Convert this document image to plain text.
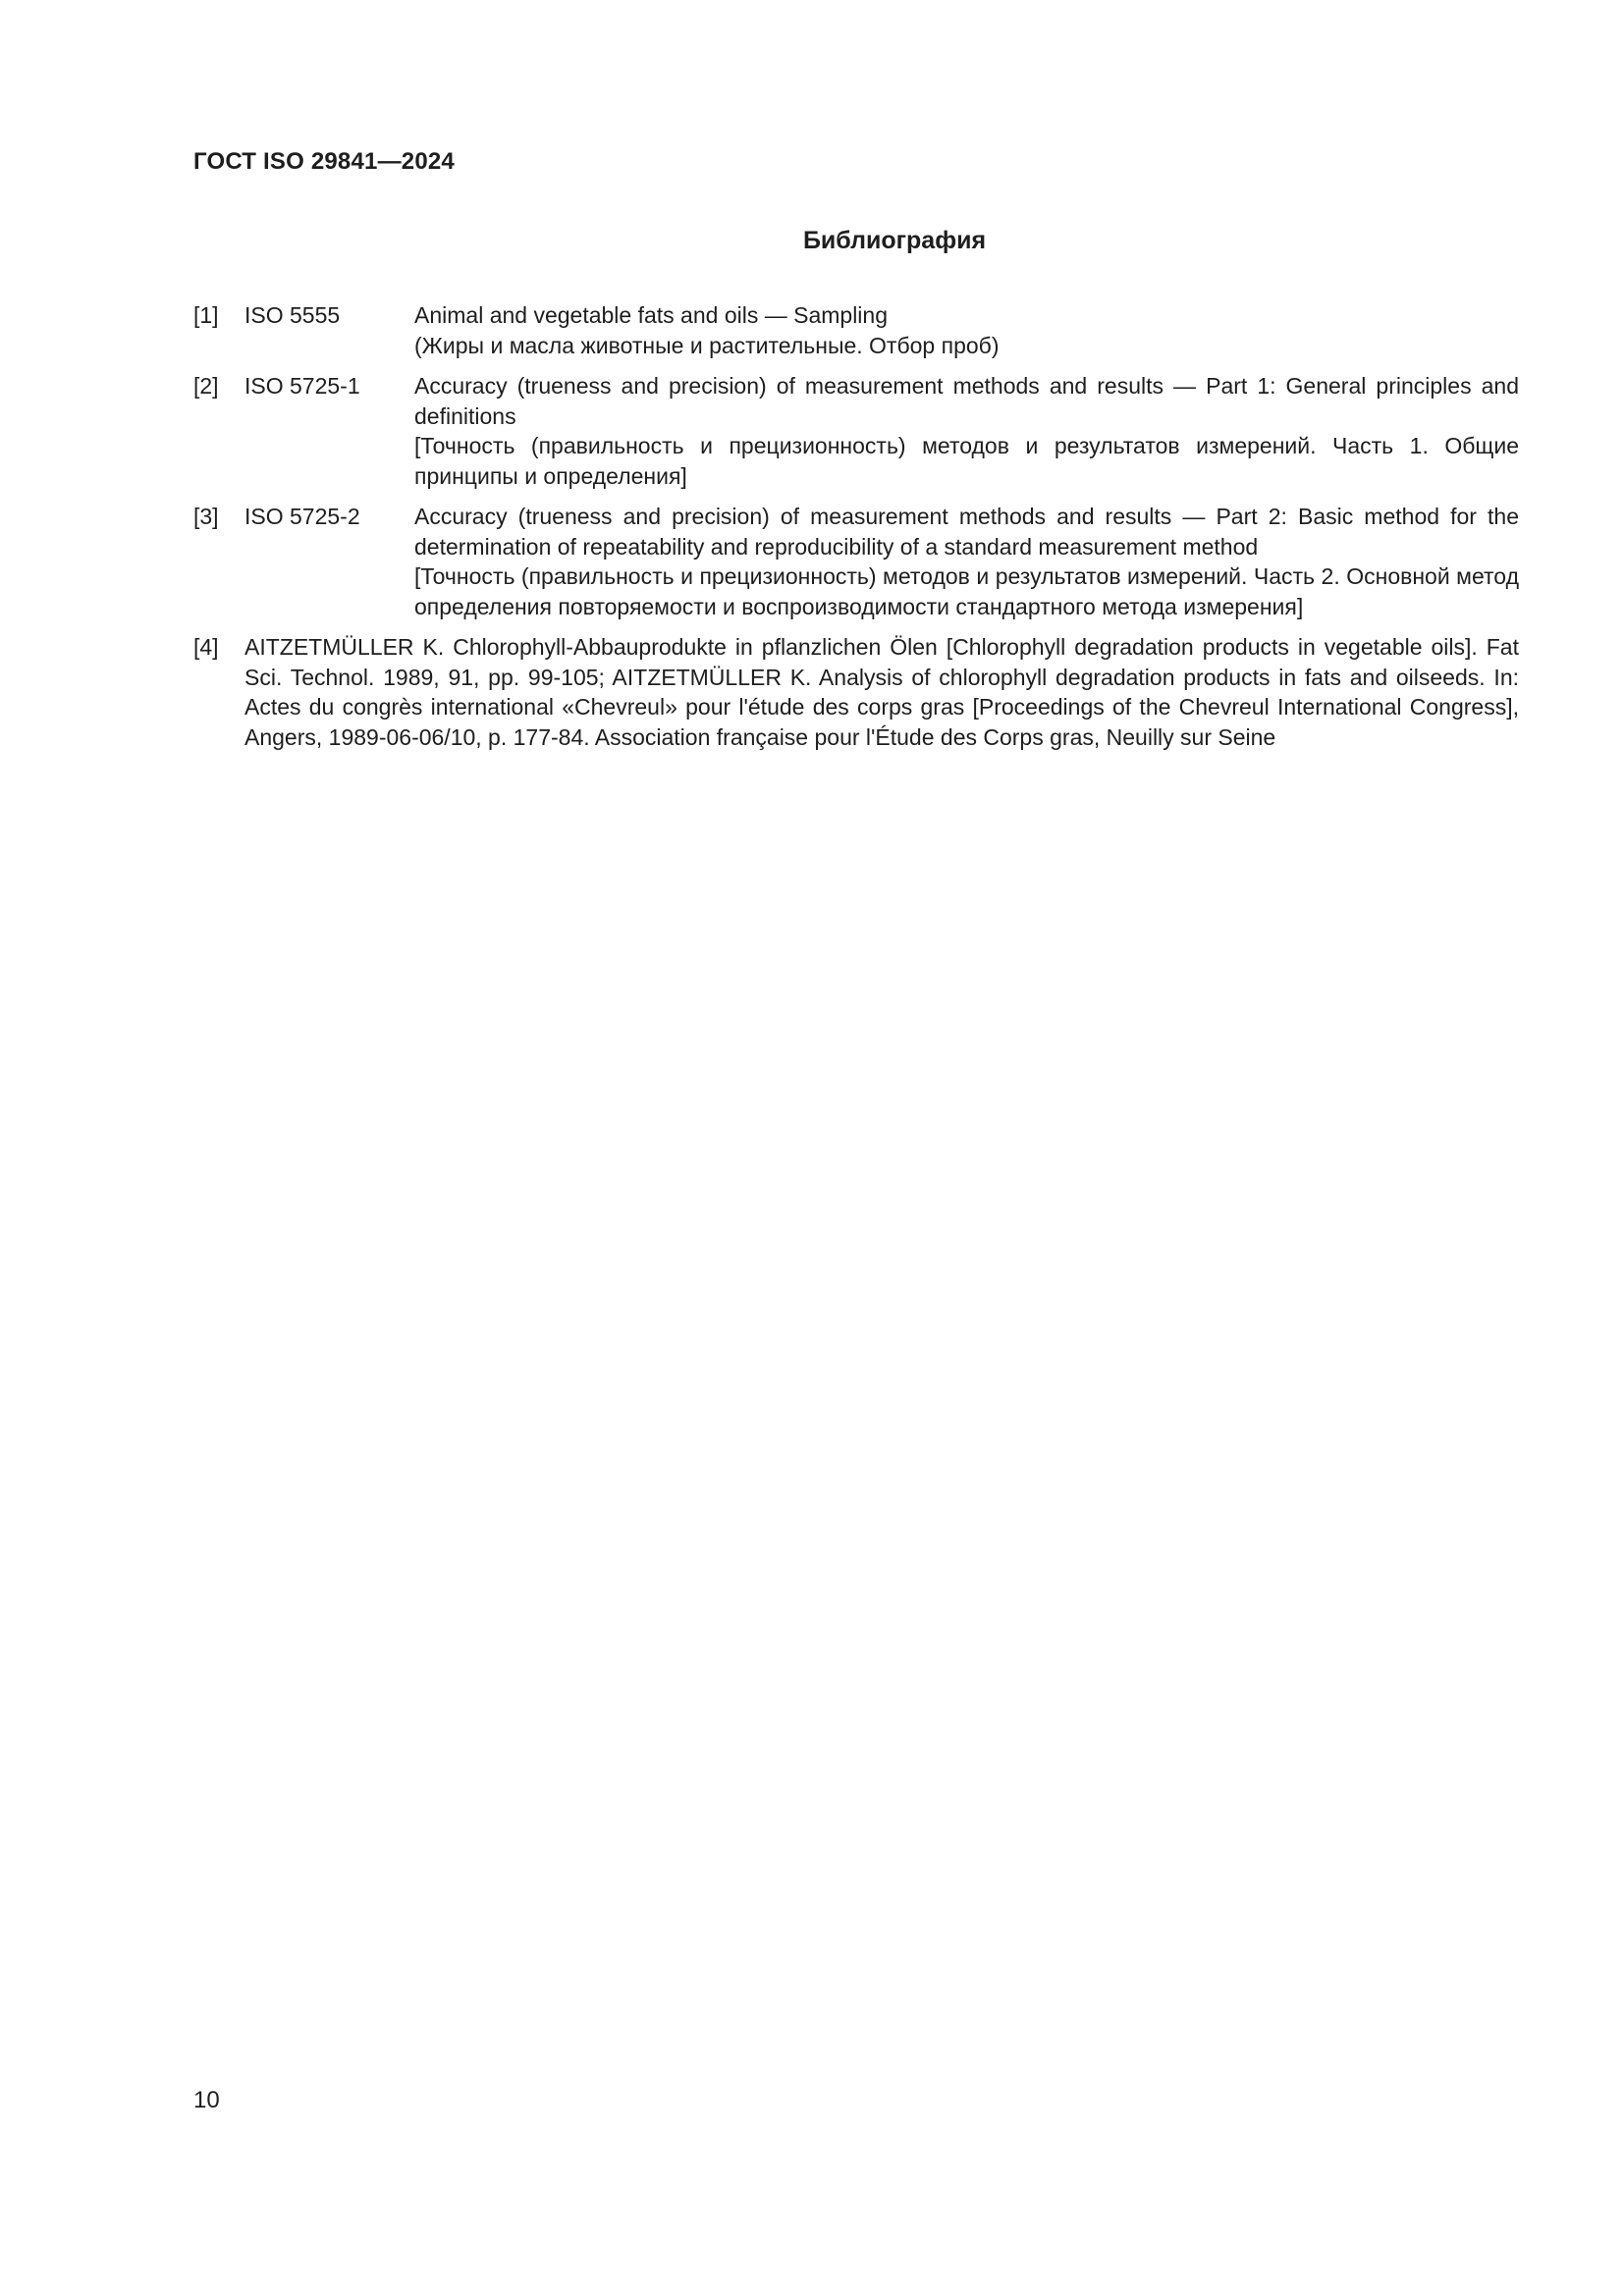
ГОСТ ISO 29841—2024
Библиография
[1]	ISO 5555	Animal and vegetable fats and oils — Sampling
(Жиры и масла животные и растительные. Отбор проб)
[2]	ISO 5725-1	Accuracy (trueness and precision) of measurement methods and results — Part 1: General principles and definitions
[Точность (правильность и прецизионность) методов и результатов измерений. Часть 1. Общие принципы и определения]
[3]	ISO 5725-2	Accuracy (trueness and precision) of measurement methods and results — Part 2: Basic method for the determination of repeatability and reproducibility of a standard measurement method
[Точность (правильность и прецизионность) методов и результатов измерений. Часть 2. Основной метод определения повторяемости и воспроизводимости стандартного метода измерения]
[4]	AITZETMÜLLER K. Chlorophyll-Abbauprodukte in pflanzlichen Ölen [Chlorophyll degradation products in vegetable oils]. Fat Sci. Technol. 1989, 91, pp. 99-105; AITZETMÜLLER K. Analysis of chlorophyll degradation products in fats and oilseeds. In: Actes du congrès international «Chevreul» pour l'étude des corps gras [Proceedings of the Chevreul International Congress], Angers, 1989-06-06/10, p. 177-84. Association française pour l'Étude des Corps gras, Neuilly sur Seine
10
